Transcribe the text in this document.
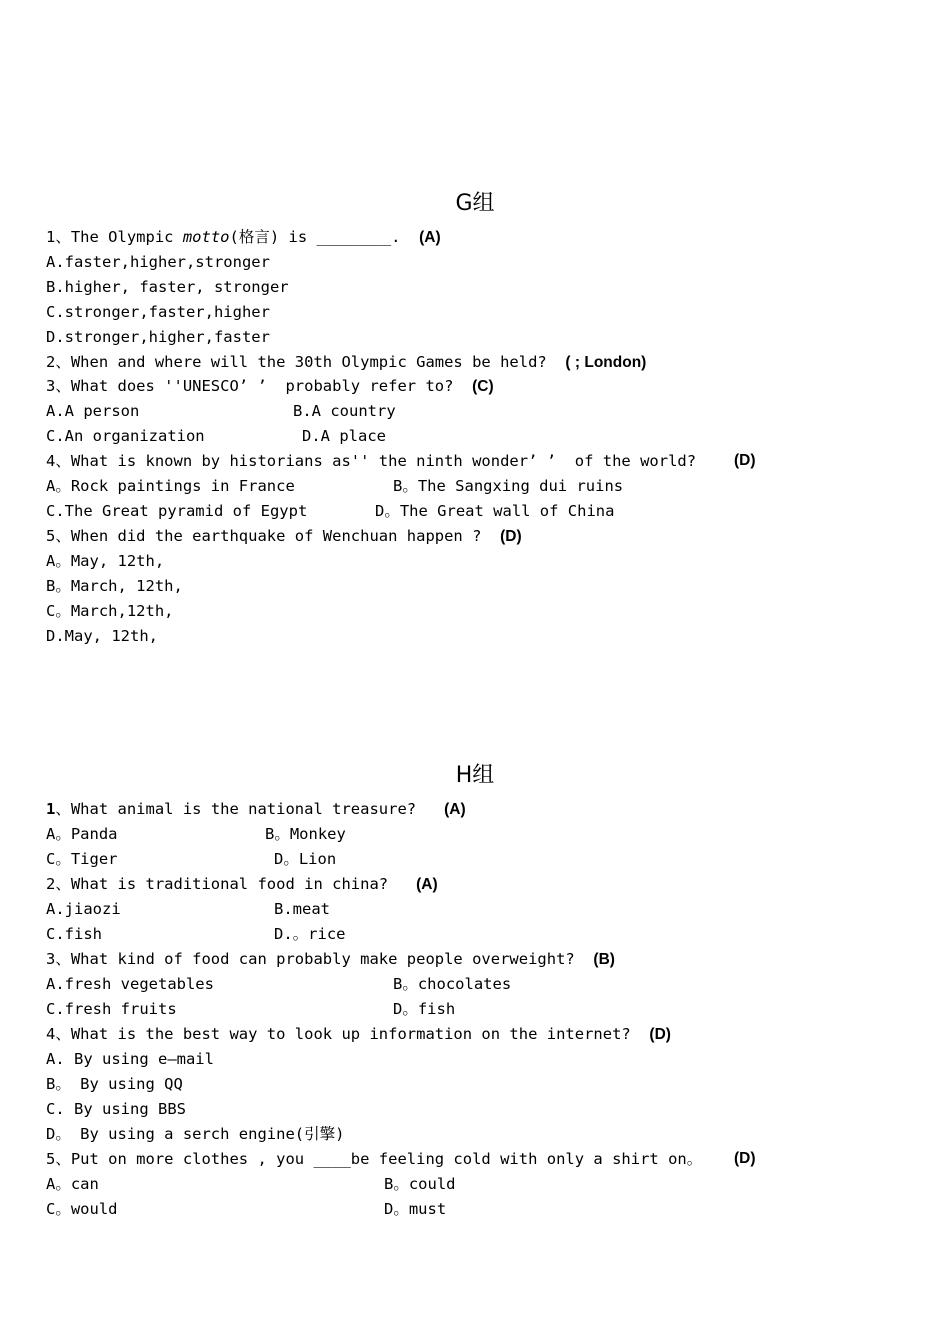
G组
1、The Olympic motto(格言) is ________.  (A)
A.faster,higher,stronger
B.higher, faster, stronger
C.stronger,faster,higher
D.stronger,higher,faster
2、When and where will the 30th Olympic Games be held?  ( ; London)
3、What does ''UNESCO’ ’  probably refer to?  (C)
A.A person	B.A country
C.An organization	D.A place
4、What is known by historians as'' the ninth wonder’ ’  of the world? (D)
A。Rock paintings in France	B。The Sangxing dui ruins
C.The Great pyramid of Egypt	D。The Great wall of China
5、When did the earthquake of Wenchuan happen ?  (D)
A。May, 12th,
B。March, 12th,
C。March,12th,
D.May, 12th,
H组
1、What animal is the national treasure?   (A)
A。Panda	B。Monkey
C。Tiger	D。Lion
2、What is traditional food in china?   (A)
A.jiaozi	B.meat
C.fish	D.。rice
3、What kind of food can probably make people overweight?  (B)
A.fresh vegetables	B。chocolates
C.fresh fruits	D。fish
4、What is the best way to look up information on the internet?  (D)
A. By using e—mail
B。 By using QQ
C. By using BBS
D。 By using a serch engine(引擎)
5、Put on more clothes , you ____be feeling cold with only a shirt on。 (D)
A。can	B。could
C。would	D。must
